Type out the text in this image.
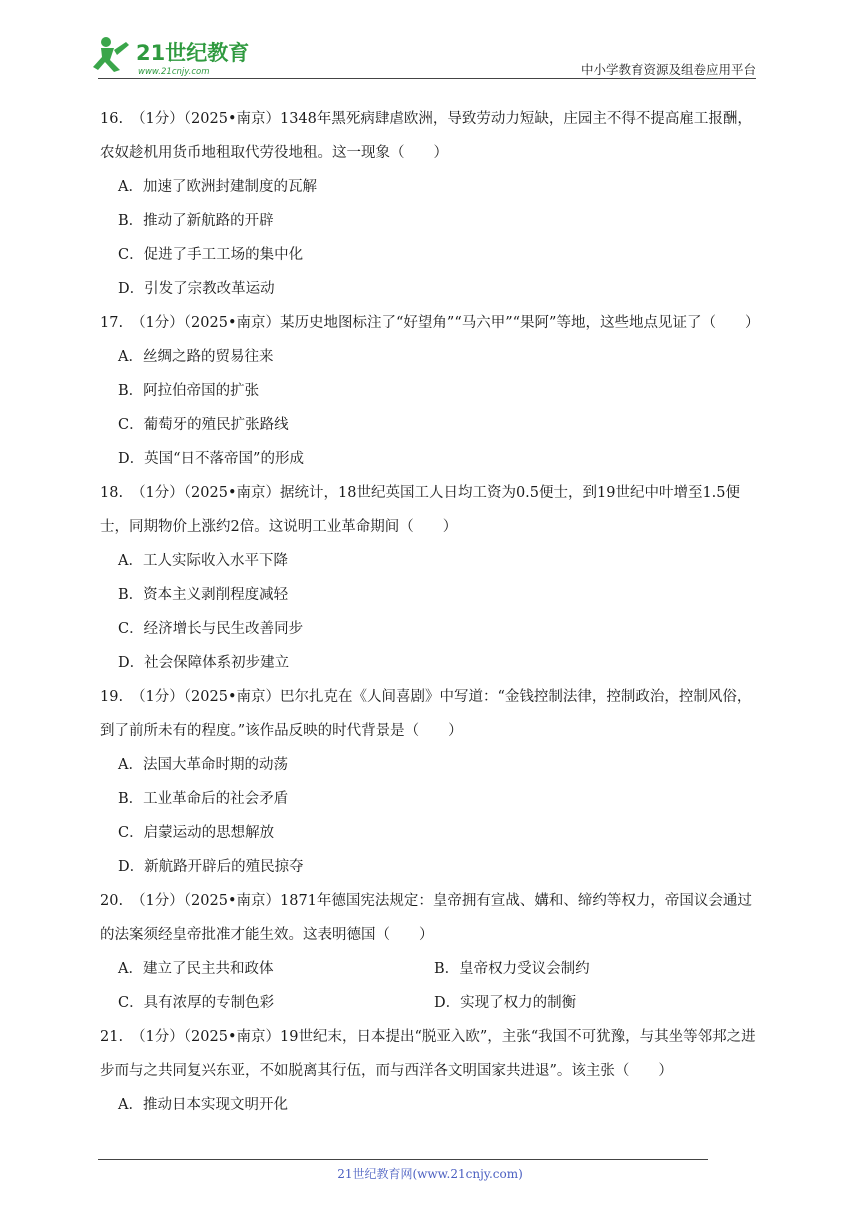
21世纪教育
www.21cnjy.com	中小学教育资源及组卷应用平台

16. （1分）（2025•南京）1348年黑死病肆虐欧洲，导致劳动力短缺，庄园主不得不提高雇工报酬，农奴趁机用货币地租取代劳役地租。这一现象（　　）

A．加速了欧洲封建制度的瓦解
B．推动了新航路的开辟
C．促进了手工工场的集中化
D．引发了宗教改革运动

17. （1分）（2025•南京）某历史地图标注了“好望角”“马六甲”“果阿”等地，这些地点见证了（　　）

A．丝绸之路的贸易往来
B．阿拉伯帝国的扩张
C．葡萄牙的殖民扩张路线
D．英国“日不落帝国”的形成

18. （1分）（2025•南京）据统计，18世纪英国工人日均工资为0.5便士，到19世纪中叶增至1.5便士，同期物价上涨约2倍。这说明工业革命期间（　　）

A．工人实际收入水平下降
B．资本主义剥削程度减轻
C．经济增长与民生改善同步
D．社会保障体系初步建立

19. （1分）（2025•南京）巴尔扎克在《人间喜剧》中写道：“金钱控制法律，控制政治，控制风俗，到了前所未有的程度。”该作品反映的时代背景是（　　）

A．法国大革命时期的动荡
B．工业革命后的社会矛盾
C．启蒙运动的思想解放
D．新航路开辟后的殖民掠夺

20. （1分）（2025•南京）1871年德国宪法规定：皇帝拥有宣战、媾和、缔约等权力，帝国议会通过的法案须经皇帝批准才能生效。这表明德国（　　）

A．建立了民主共和政体	B．皇帝权力受议会制约
C．具有浓厚的专制色彩	D．实现了权力的制衡

21. （1分）（2025•南京）19世纪末，日本提出“脱亚入欧”，主张“我国不可犹豫，与其坐等邻邦之进步而与之共同复兴东亚，不如脱离其行伍，而与西洋各文明国家共进退”。该主张（　　）

A．推动日本实现文明开化
21世纪教育网(www.21cnjy.com)
